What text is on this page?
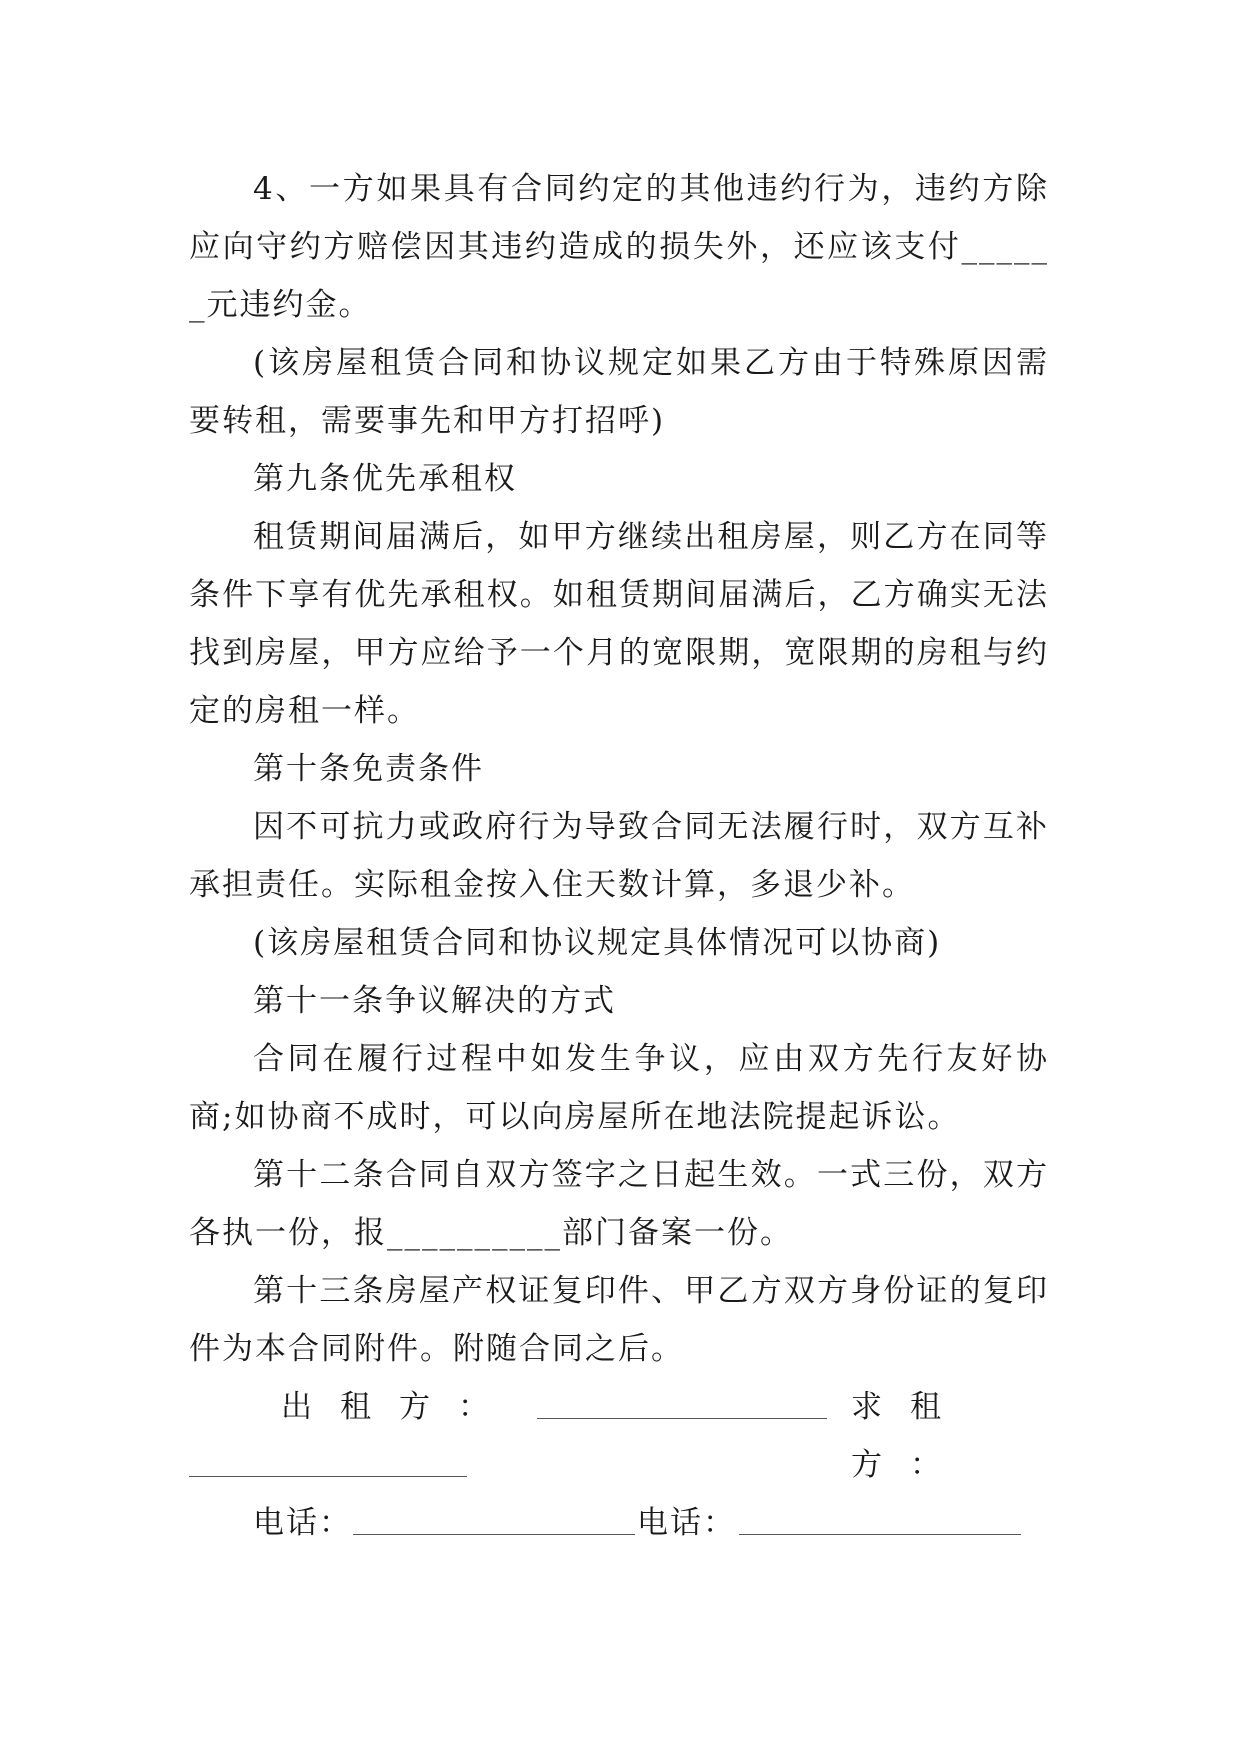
4、一方如果具有合同约定的其他违约行为，违约方除应向守约方赔偿因其违约造成的损失外，还应该支付______元违约金。

(该房屋租赁合同和协议规定如果乙方由于特殊原因需要转租，需要事先和甲方打招呼)

第九条优先承租权

租赁期间届满后，如甲方继续出租房屋，则乙方在同等条件下享有优先承租权。如租赁期间届满后，乙方确实无法找到房屋，甲方应给予一个月的宽限期，宽限期的房租与约定的房租一样。

第十条免责条件

因不可抗力或政府行为导致合同无法履行时，双方互补承担责任。实际租金按入住天数计算，多退少补。

(该房屋租赁合同和协议规定具体情况可以协商)

第十一条争议解决的方式

合同在履行过程中如发生争议，应由双方先行友好协商;如协商不成时，可以向房屋所在地法院提起诉讼。

第十二条合同自双方签字之日起生效。一式三份，双方各执一份，报__________部门备案一份。

第十三条房屋产权证复印件、甲乙方双方身份证的复印件为本合同附件。附随合同之后。

出租方：	求租方：
电话：	电话：
